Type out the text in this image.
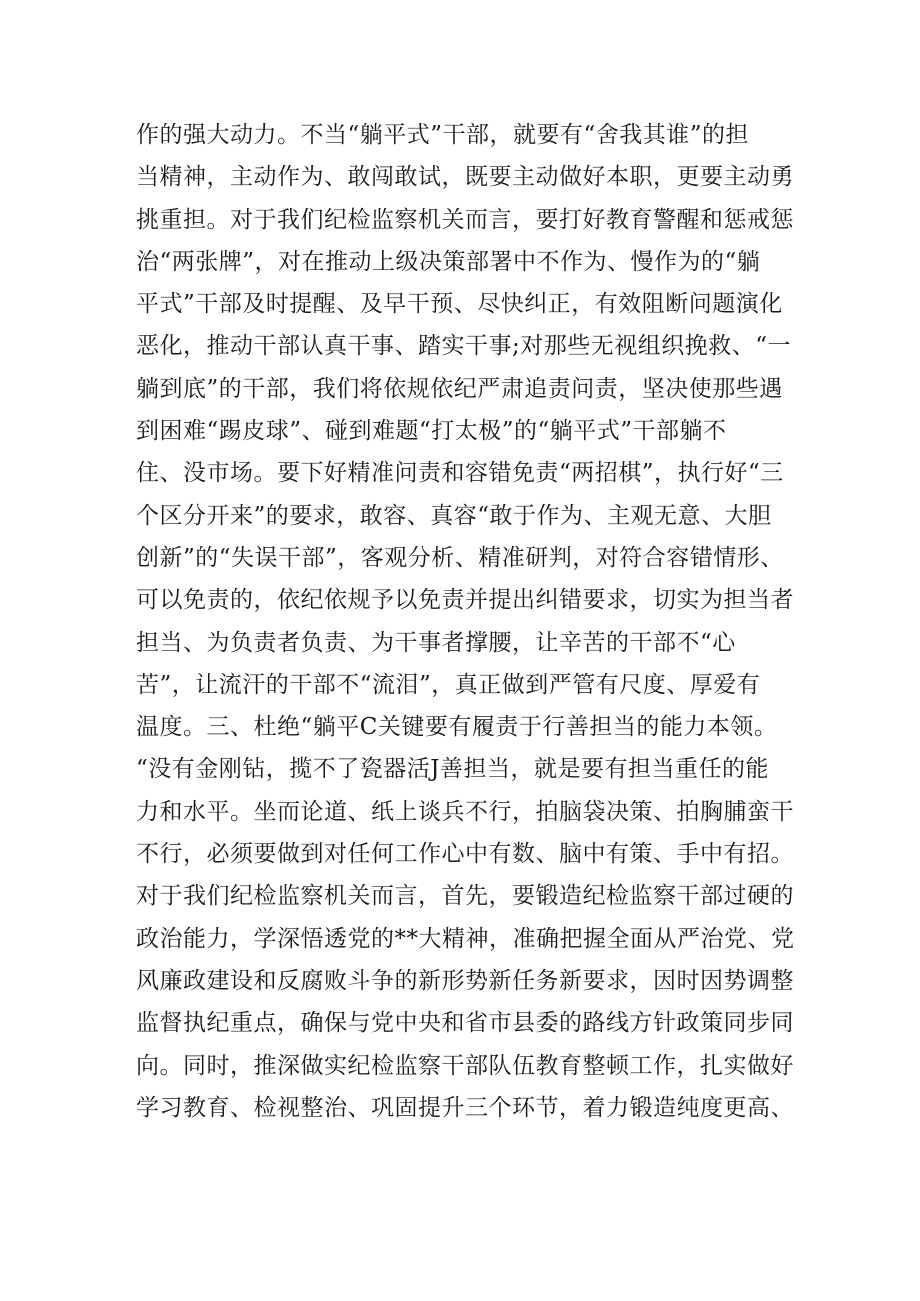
作的强大动力。不当“躺平式”干部，就要有“舍我其谁”的担
当精神，主动作为、敢闯敢试，既要主动做好本职，更要主动勇
挑重担。对于我们纪检监察机关而言，要打好教育警醒和惩戒惩
治“两张牌”，对在推动上级决策部署中不作为、慢作为的“躺
平式”干部及时提醒、及早干预、尽快纠正，有效阻断问题演化
恶化，推动干部认真干事、踏实干事;对那些无视组织挽救、“一
躺到底”的干部，我们将依规依纪严肃追责问责，坚决使那些遇
到困难“踢皮球”、碰到难题“打太极”的“躺平式”干部躺不
住、没市场。要下好精准问责和容错免责“两招棋”，执行好“三
个区分开来”的要求，敢容、真容“敢于作为、主观无意、大胆
创新”的“失误干部”，客观分析、精准研判，对符合容错情形、
可以免责的，依纪依规予以免责并提出纠错要求，切实为担当者
担当、为负责者负责、为干事者撑腰，让辛苦的干部不“心
苦”，让流汗的干部不“流泪”，真正做到严管有尺度、厚爱有
温度。三、杜绝“躺平C关键要有履责于行善担当的能力本领。
“没有金刚钻，揽不了瓷器活J善担当，就是要有担当重任的能
力和水平。坐而论道、纸上谈兵不行，拍脑袋决策、拍胸脯蛮干
不行，必须要做到对任何工作心中有数、脑中有策、手中有招。
对于我们纪检监察机关而言，首先，要锻造纪检监察干部过硬的
政治能力，学深悟透党的**大精神，准确把握全面从严治党、党
风廉政建设和反腐败斗争的新形势新任务新要求，因时因势调整
监督执纪重点，确保与党中央和省市县委的路线方针政策同步同
向。同时，推深做实纪检监察干部队伍教育整顿工作，扎实做好
学习教育、检视整治、巩固提升三个环节，着力锻造纯度更高、
